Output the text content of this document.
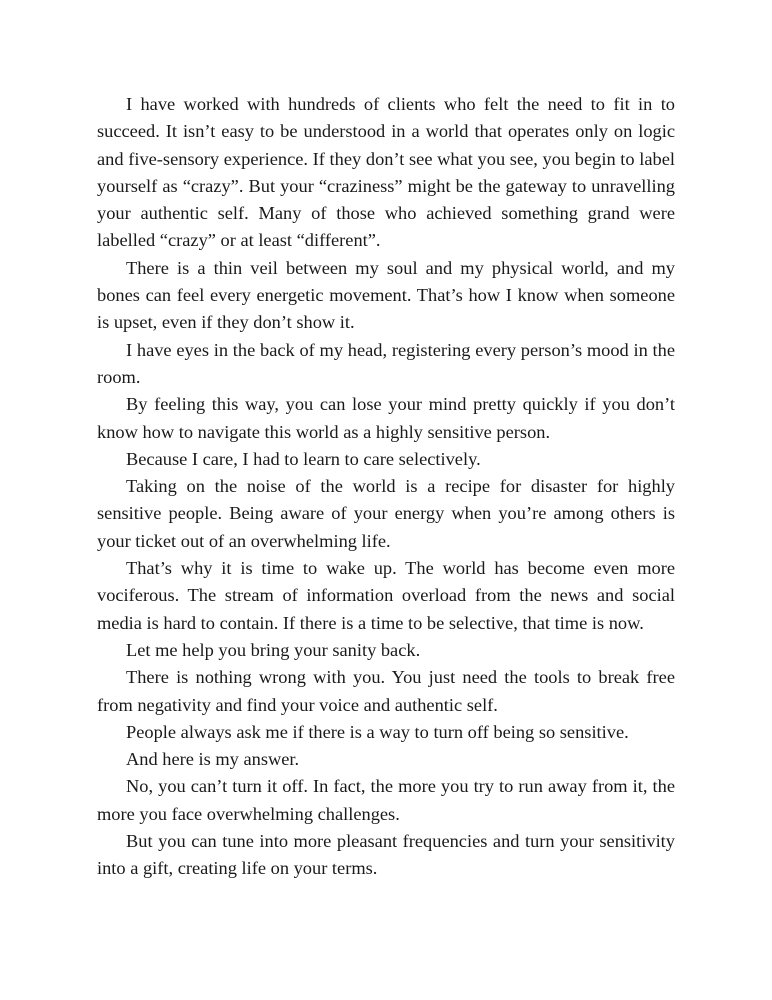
I have worked with hundreds of clients who felt the need to fit in to succeed. It isn’t easy to be understood in a world that operates only on logic and five-sensory experience. If they don’t see what you see, you begin to label yourself as “crazy”. But your “craziness” might be the gateway to unravelling your authentic self. Many of those who achieved something grand were labelled “crazy” or at least “different”.

There is a thin veil between my soul and my physical world, and my bones can feel every energetic movement. That’s how I know when someone is upset, even if they don’t show it.

I have eyes in the back of my head, registering every person’s mood in the room.

By feeling this way, you can lose your mind pretty quickly if you don’t know how to navigate this world as a highly sensitive person.

Because I care, I had to learn to care selectively.

Taking on the noise of the world is a recipe for disaster for highly sensitive people. Being aware of your energy when you’re among others is your ticket out of an overwhelming life.

That’s why it is time to wake up. The world has become even more vociferous. The stream of information overload from the news and social media is hard to contain. If there is a time to be selective, that time is now.

Let me help you bring your sanity back.

There is nothing wrong with you. You just need the tools to break free from negativity and find your voice and authentic self.

People always ask me if there is a way to turn off being so sensitive.

And here is my answer.

No, you can’t turn it off. In fact, the more you try to run away from it, the more you face overwhelming challenges.

But you can tune into more pleasant frequencies and turn your sensitivity into a gift, creating life on your terms.
